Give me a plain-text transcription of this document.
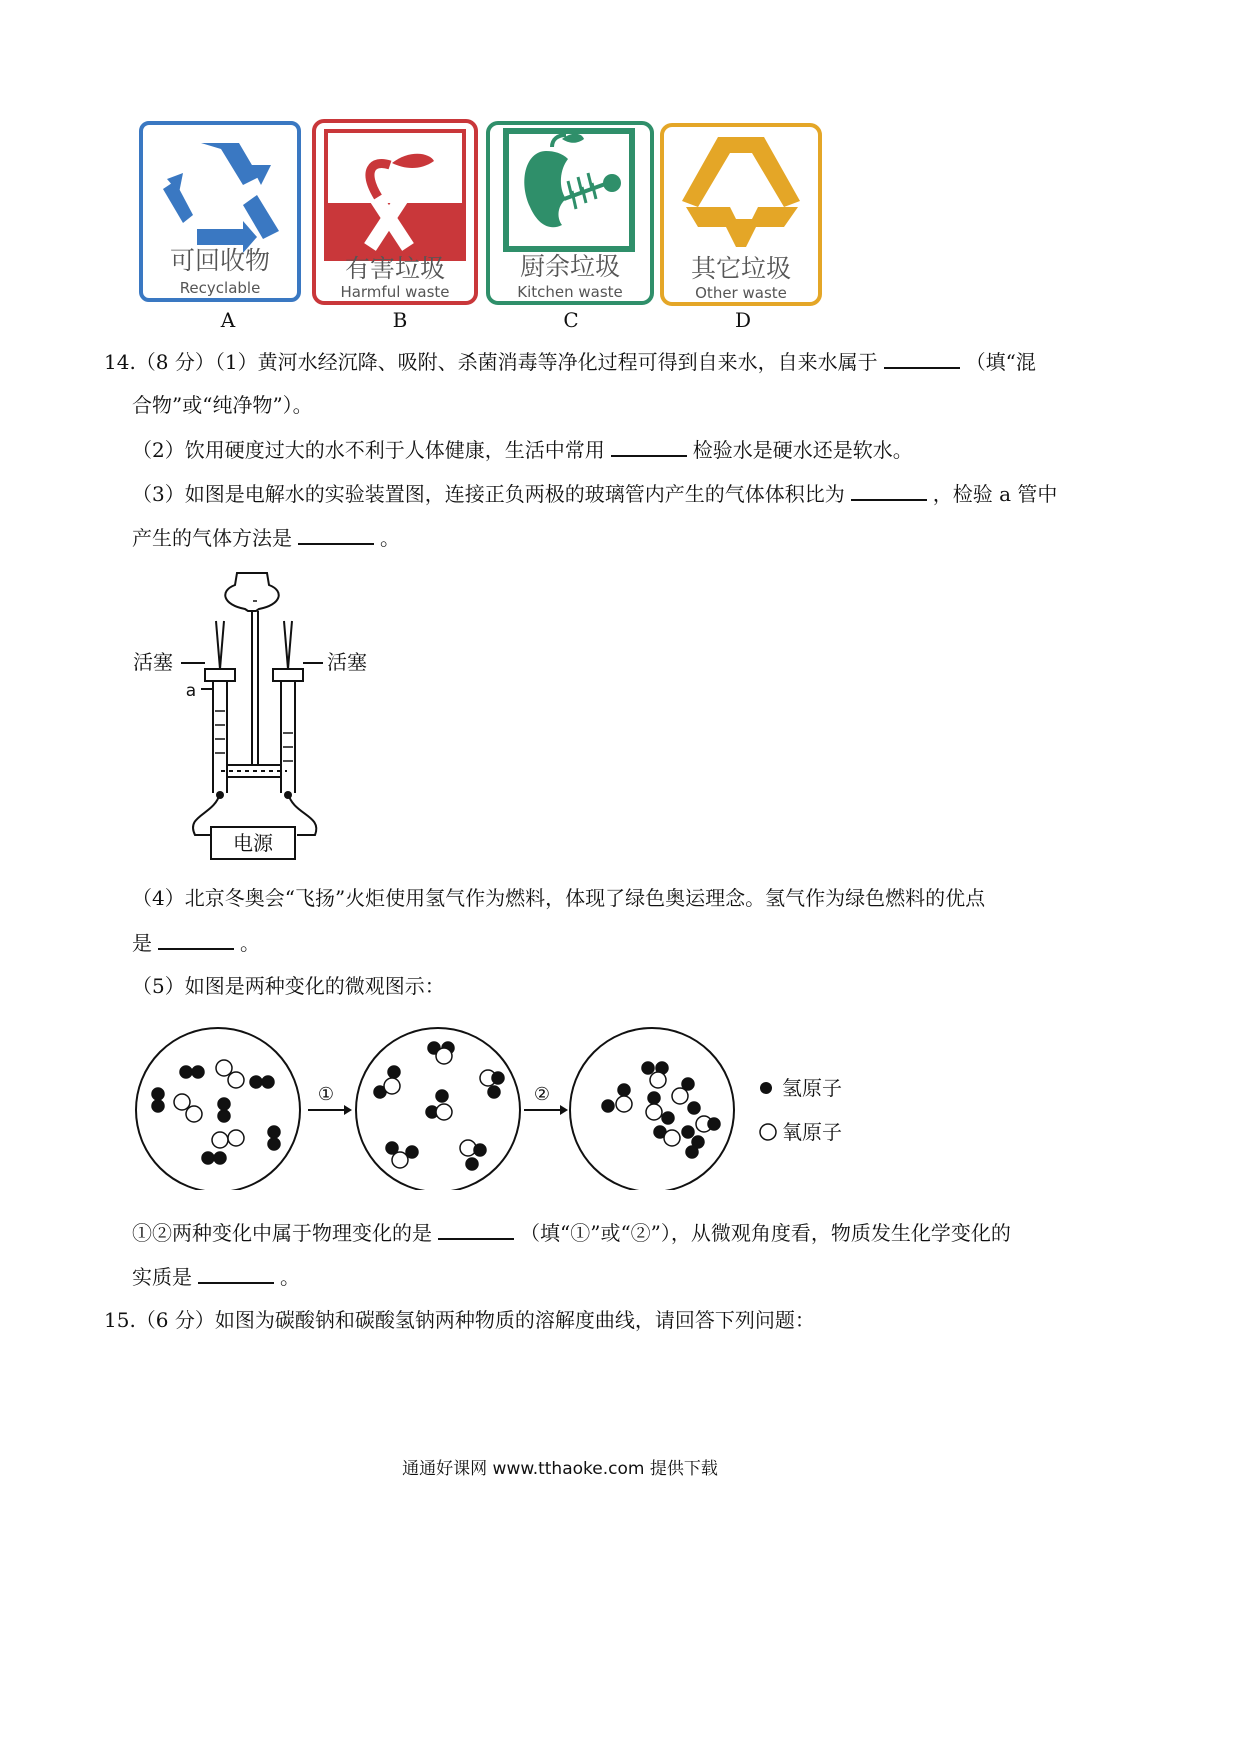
可回收物
Recyclable
有害垃圾
Harmful waste
厨余垃圾
Kitchen waste
其它垃圾
Other waste
A	B	C	D
14.（8 分）（1）黄河水经沉降、吸附、杀菌消毒等净化过程可得到自来水，自来水属于	（填“混
合物”或“纯净物”）。
（2）饮用硬度过大的水不利于人体健康，生活中常用	检验水是硬水还是软水。
（3）如图是电解水的实验装置图，连接正负两极的玻璃管内产生的气体体积比为	，检验 a 管中
产生的气体方法是	。
电源
活塞	活塞
a
（4）北京冬奥会“飞扬”火炬使用氢气作为燃料，体现了绿色奥运理念。氢气作为绿色燃料的优点
是	。
（5）如图是两种变化的微观图示：
①	②	氢原子
氧原子
①②两种变化中属于物理变化的是	（填“①”或“②”），从微观角度看，物质发生化学变化的
实质是	。
15.（6 分）如图为碳酸钠和碳酸氢钠两种物质的溶解度曲线，请回答下列问题：
通通好课网 www.tthaoke.com 提供下载
